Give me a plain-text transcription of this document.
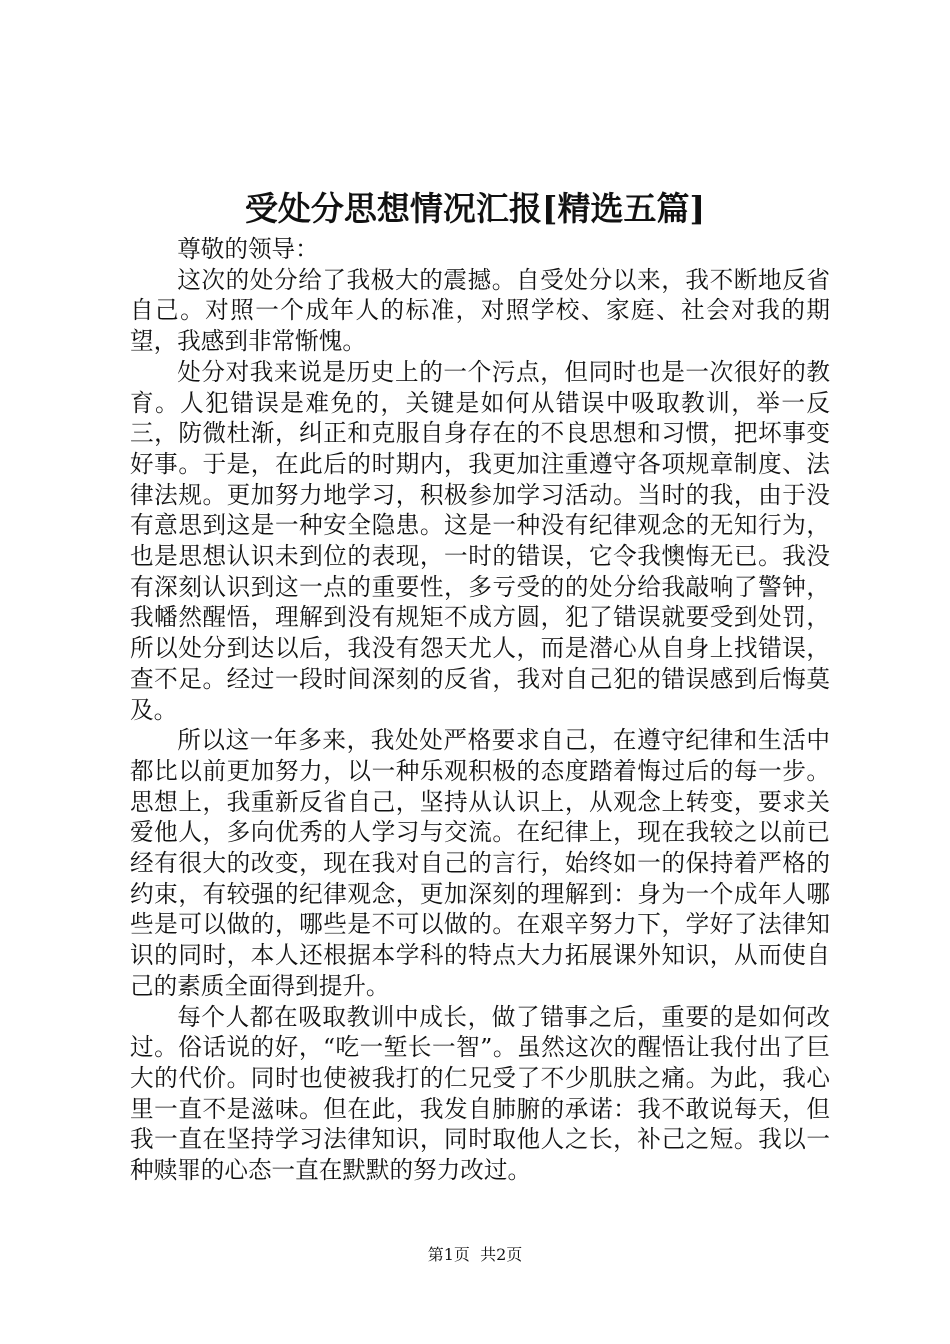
受处分思想情况汇报[精选五篇]

尊敬的领导：

这次的处分给了我极大的震撼。自受处分以来，我不断地反省自己。对照一个成年人的标准，对照学校、家庭、社会对我的期望，我感到非常惭愧。

处分对我来说是历史上的一个污点，但同时也是一次很好的教育。人犯错误是难免的，关键是如何从错误中吸取教训，举一反三，防微杜渐，纠正和克服自身存在的不良思想和习惯，把坏事变好事。于是，在此后的时期内，我更加注重遵守各项规章制度、法律法规。更加努力地学习，积极参加学习活动。当时的我，由于没有意思到这是一种安全隐患。这是一种没有纪律观念的无知行为，也是思想认识未到位的表现，一时的错误，它令我懊悔无已。我没有深刻认识到这一点的重要性，多亏受的的处分给我敲响了警钟，我幡然醒悟，理解到没有规矩不成方圆，犯了错误就要受到处罚，所以处分到达以后，我没有怨天尤人，而是潜心从自身上找错误，查不足。经过一段时间深刻的反省，我对自己犯的错误感到后悔莫及。

所以这一年多来，我处处严格要求自己，在遵守纪律和生活中都比以前更加努力，以一种乐观积极的态度踏着悔过后的每一步。思想上，我重新反省自己，坚持从认识上，从观念上转变，要求关爱他人，多向优秀的人学习与交流。在纪律上，现在我较之以前已经有很大的改变，现在我对自己的言行，始终如一的保持着严格的约束，有较强的纪律观念，更加深刻的理解到：身为一个成年人哪些是可以做的，哪些是不可以做的。在艰辛努力下，学好了法律知识的同时，本人还根据本学科的特点大力拓展课外知识，从而使自己的素质全面得到提升。

每个人都在吸取教训中成长，做了错事之后，重要的是如何改过。俗话说的好，“吃一堑长一智”。虽然这次的醒悟让我付出了巨大的代价。同时也使被我打的仁兄受了不少肌肤之痛。为此，我心里一直不是滋味。但在此，我发自肺腑的承诺：我不敢说每天，但我一直在坚持学习法律知识，同时取他人之长，补己之短。我以一种赎罪的心态一直在默默的努力改过。

第1页  共2页
